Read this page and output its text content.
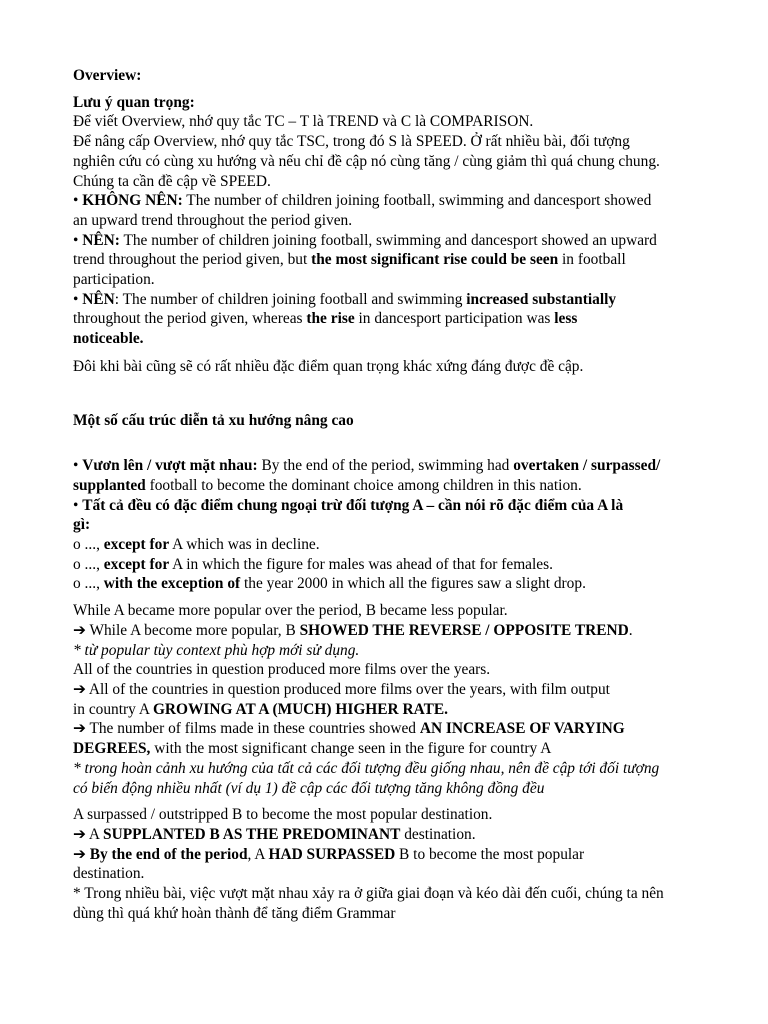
Overview:
Lưu ý quan trọng:
Để viết Overview, nhớ quy tắc TC – T là TREND và C là COMPARISON.
Để nâng cấp Overview, nhớ quy tắc TSC, trong đó S là SPEED. Ở rất nhiều bài, đối tượng
nghiên cứu có cùng xu hướng và nếu chỉ đề cập nó cùng tăng / cùng giảm thì quá chung chung.
Chúng ta cần đề cập về SPEED.
• KHÔNG NÊN: The number of children joining football, swimming and dancesport showed
an upward trend throughout the period given.
• NÊN: The number of children joining football, swimming and dancesport showed an upward
trend throughout the period given, but the most significant rise could be seen in football
participation.
• NÊN: The number of children joining football and swimming increased substantially
throughout the period given, whereas the rise in dancesport participation was less
noticeable.
Đôi khi bài cũng sẽ có rất nhiều đặc điểm quan trọng khác xứng đáng được đề cập.
Một số cấu trúc diễn tả xu hướng nâng cao
• Vươn lên / vượt mặt nhau: By the end of the period, swimming had overtaken / surpassed/
supplanted football to become the dominant choice among children in this nation.
• Tất cả đều có đặc điểm chung ngoại trừ đối tượng A – cần nói rõ đặc điểm của A là
gì:
o ..., except for A which was in decline.
o ..., except for A in which the figure for males was ahead of that for females.
o ..., with the exception of the year 2000 in which all the figures saw a slight drop.
While A became more popular over the period, B became less popular.
➔ While A become more popular, B SHOWED THE REVERSE / OPPOSITE TREND.
* từ popular tùy context phù hợp mới sử dụng.
All of the countries in question produced more films over the years.
➔ All of the countries in question produced more films over the years, with film output
in country A GROWING AT A (MUCH) HIGHER RATE.
➔ The number of films made in these countries showed AN INCREASE OF VARYING
DEGREES, with the most significant change seen in the figure for country A
* trong hoàn cảnh xu hướng của tất cả các đối tượng đều giống nhau, nên đề cập tới đối tượng
có biến động nhiều nhất (ví dụ 1) đề cập các đối tượng tăng không đồng đều
A surpassed / outstripped B to become the most popular destination.
➔ A SUPPLANTED B AS THE PREDOMINANT destination.
➔ By the end of the period, A HAD SURPASSED B to become the most popular
destination.
* Trong nhiều bài, việc vượt mặt nhau xảy ra ở giữa giai đoạn và kéo dài đến cuối, chúng ta nên
dùng thì quá khứ hoàn thành để tăng điểm Grammar
